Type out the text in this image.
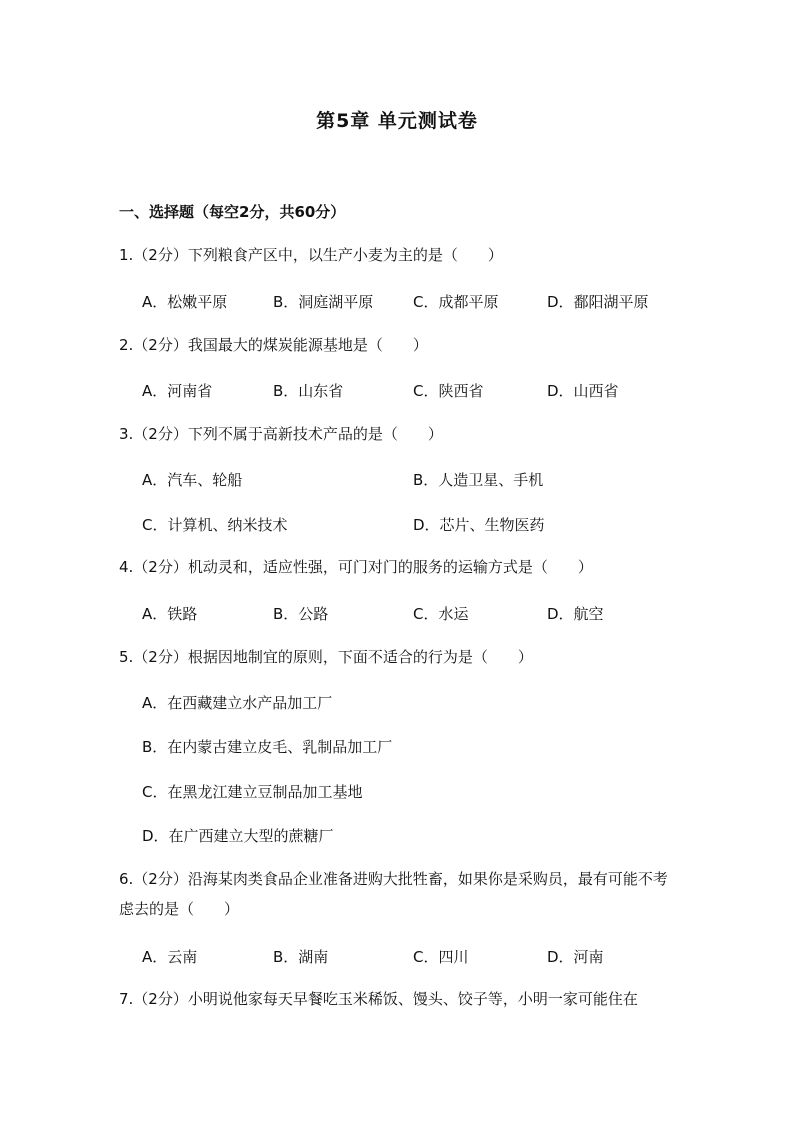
第5章 单元测试卷
一、选择题（每空2分，共60分）
1.（2分）下列粮食产区中，以生产小麦为主的是（　　）
A．松嫩平原	B．洞庭湖平原	C．成都平原	D．鄱阳湖平原
2.（2分）我国最大的煤炭能源基地是（　　）
A．河南省	B．山东省	C．陕西省	D．山西省
3.（2分）下列不属于高新技术产品的是（　　）
A．汽车、轮船	B．人造卫星、手机
C．计算机、纳米技术	D．芯片、生物医药
4.（2分）机动灵和，适应性强，可门对门的服务的运输方式是（　　）
A．铁路	B．公路	C．水运	D．航空
5.（2分）根据因地制宜的原则，下面不适合的行为是（　　）
A．在西藏建立水产品加工厂
B．在内蒙古建立皮毛、乳制品加工厂
C．在黑龙江建立豆制品加工基地
D．在广西建立大型的蔗糖厂
6.（2分）沿海某肉类食品企业准备进购大批牲畜，如果你是采购员，最有可能不考虑去的是（　　）
A．云南	B．湖南	C．四川	D．河南
7.（2分）小明说他家每天早餐吃玉米稀饭、馒头、饺子等，小明一家可能住在
